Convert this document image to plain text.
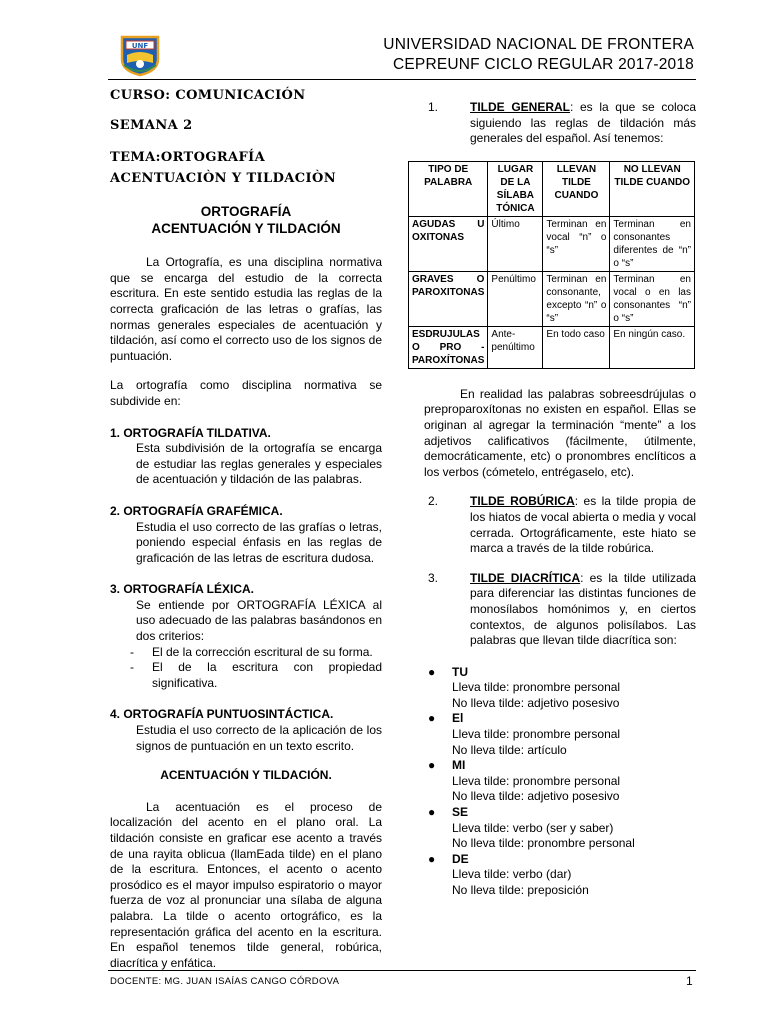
UNF	UNIVERSIDAD NACIONAL DE FRONTERA
CEPREUNF CICLO REGULAR 2017-2018

CURSO: COMUNICACIÓN

SEMANA 2

TEMA:ORTOGRAFÍA ACENTUACIÒN Y TILDACIÒN

ORTOGRAFÍA
ACENTUACIÓN Y TILDACIÓN

La Ortografía, es una disciplina normativa que se encarga del estudio de la correcta escritura. En este sentido estudia las reglas de la correcta graficación de las letras o grafías, las normas generales especiales de acentuación y tildación, así como el correcto uso de los signos de puntuación.

La ortografía como disciplina normativa se subdivide en:

1. ORTOGRAFÍA TILDATIVA.

Esta subdivisión de la ortografía se encarga de estudiar las reglas generales y especiales de acentuación y tildación de las palabras.

2. ORTOGRAFÍA GRAFÉMICA.

Estudia el uso correcto de las grafías o letras, poniendo especial énfasis en las reglas de graficación de las letras de escritura dudosa.

3. ORTOGRAFÍA LÉXICA.

Se entiende por ORTOGRAFÍA LÉXICA al uso adecuado de las palabras basándonos en dos criterios:

-	El de la corrección escritural de su forma.
-	El de la escritura con propiedad significativa.

4. ORTOGRAFÍA PUNTUOSINTÁCTICA.

Estudia el uso correcto de la aplicación de los signos de puntuación en un texto escrito.

ACENTUACIÓN Y TILDACIÓN.

La acentuación es el proceso de localización del acento en el plano oral. La tildación consiste en graficar ese acento a través de una rayita oblicua (llamEada tilde) en el plano de la escritura. Entonces, el acento o acento prosódico es el mayor impulso espiratorio o mayor fuerza de voz al pronunciar una sílaba de alguna palabra. La tilde o acento ortográfico, es la representación gráfica del acento en la escritura. En español tenemos tilde general, robúrica, diacrítica y enfática.

1.	TILDE GENERAL: es la que se coloca siguiendo las reglas de tildación más generales del español. Así tenemos:
TIPO DE PALABRA	LUGAR DE LA SÍLABA TÓNICA	LLEVAN TILDE CUANDO	NO LLEVAN TILDE CUANDO
AGUDAS U OXITONAS	Último	Terminan en vocal “n” o “s”	Terminan en consonantes diferentes de “n” o “s”
GRAVES O PAROXITONAS	Penúltimo	Terminan en consonante, excepto “n” o “s”	Terminan en vocal o en las consonantes “n” o “s”
ESDRUJULAS O PRO - PAROXÍTONAS	Ante-penúltimo	En todo caso	En ningún caso.

En realidad las palabras sobreesdrújulas o preproparoxítonas no existen en español. Ellas se originan al agregar la terminación “mente” a los adjetivos calificativos (fácilmente, útilmente, democráticamente, etc) o pronombres enclíticos a los verbos (cómetelo, entrégaselo, etc).

2.	TILDE ROBÚRICA: es la tilde propia de los hiatos de vocal abierta o media y vocal cerrada. Ortográficamente, este hiato se marca a través de la tilde robúrica.
3.	TILDE DIACRÍTICA: es la tilde utilizada para diferenciar las distintas funciones de monosílabos homónimos y, en ciertos contextos, de algunos polisílabos. Las palabras que llevan tilde diacrítica son:
●	TU
Lleva tilde: pronombre personal
No lleva tilde: adjetivo posesivo
●	El
Lleva tilde: pronombre personal
No lleva tilde: artículo
●	MI
Lleva tilde: pronombre personal
No lleva tilde: adjetivo posesivo
●	SE
Lleva tilde: verbo (ser y saber)
No lleva tilde: pronombre personal
●	DE
Lleva tilde: verbo (dar)
No lleva tilde: preposición
DOCENTE: MG. JUAN ISAÍAS CANGO CÓRDOVA	1
